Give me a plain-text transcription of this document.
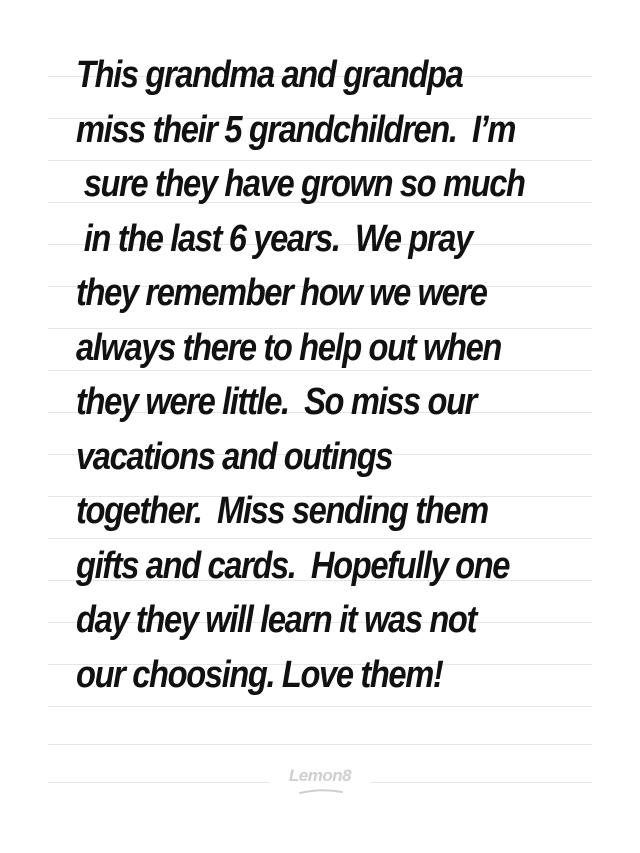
This grandma and grandpa
miss their 5 grandchildren.  I’m
sure they have grown so much
in the last 6 years.  We pray
they remember how we were
always there to help out when
they were little.  So miss our
vacations and outings
together.  Miss sending them
gifts and cards.  Hopefully one
day they will learn it was not
our choosing. Love them!
Lemon8
